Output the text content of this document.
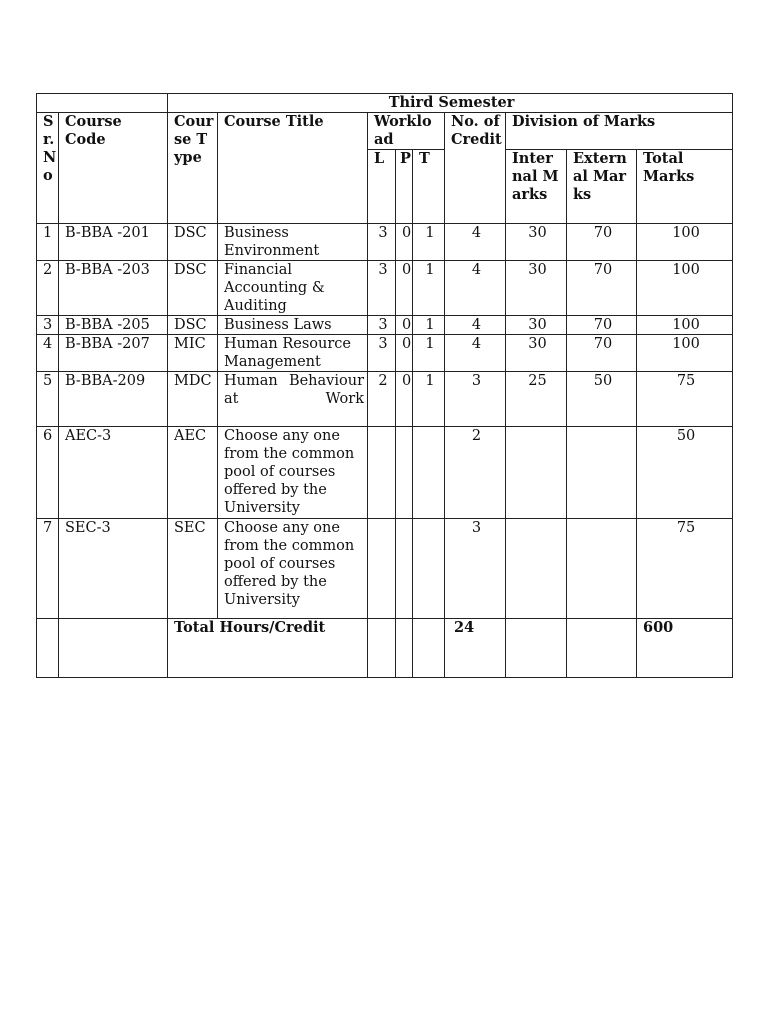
		Third Semester								
Sr.No	Course Code	Course Type	Course Title	Workload			No. of Credit	Division of Marks		
				L	P	T		Internal Marks	External Marks	Total Marks
1	B-BBA -201	DSC	Business Environment	3	0	1	4	30	70	100
2	B-BBA -203	DSC	Financial Accounting & Auditing	3	0	1	4	30	70	100
3	B-BBA -205	DSC	Business Laws	3	0	1	4	30	70	100
4	B-BBA -207	MIC	Human Resource Management	3	0	1	4	30	70	100
5	B-BBA-209	MDC	Human Behaviour at Work	2	0	1	3	25	50	75
6	AEC-3	AEC	Choose any one from the common pool of courses offered by the University				2			50
7	SEC-3	SEC	Choose any one from the common pool of courses offered by the University				3			75
		Total Hours/Credit					24			600
